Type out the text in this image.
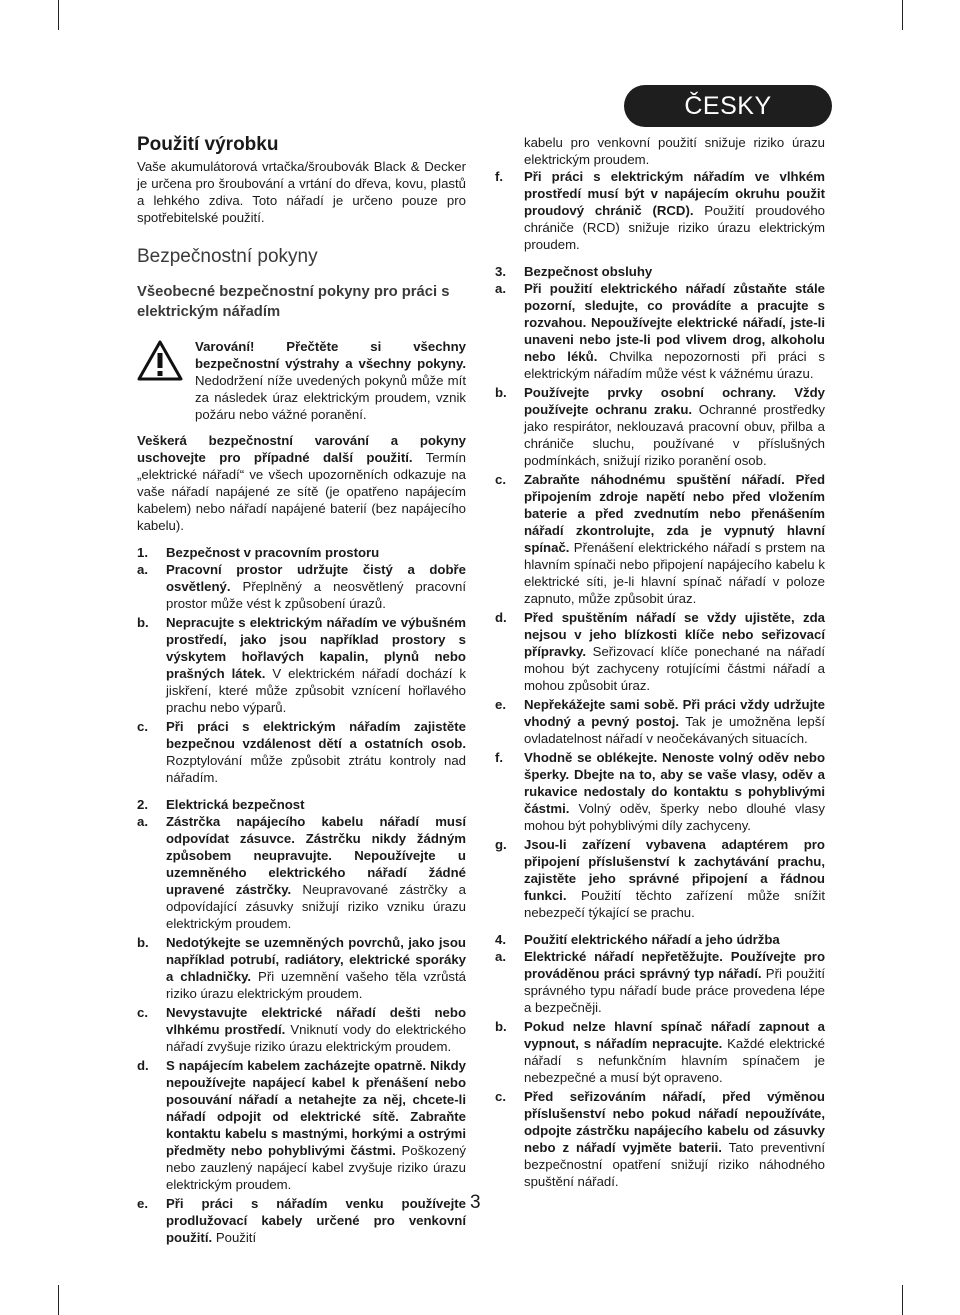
ČESKY
Použití výrobku

Vaše akumulátorová vrtačka/šroubovák Black & Decker je určena pro šroubování a vrtání do dřeva, kovu, plastů a lehkého zdiva. Toto nářadí je určeno pouze pro spotřebitelské použití.

Bezpečnostní pokyny
Všeobecné bezpečnostní pokyny pro práci s elektrickým nářadím

Varování! Přečtěte si všechny bezpečnostní výstrahy a všechny pokyny. Nedodržení níže uvedených pokynů může mít za následek úraz elektrickým proudem, vznik požáru nebo vážné poranění.

Veškerá bezpečnostní varování a pokyny uschovejte pro případné další použití. Termín „elektrické nářadí“ ve všech upozorněních odkazuje na vaše nářadí napájené ze sítě (je opatřeno napájecím kabelem) nebo nářadí napájené baterií (bez napájecího kabelu).

1.	Bezpečnost v pracovním prostoru
a.	Pracovní prostor udržujte čistý a dobře osvětlený. Přeplněný a neosvětlený pracovní prostor může vést k způsobení úrazů.
b.	Nepracujte s elektrickým nářadím ve výbušném prostředí, jako jsou například prostory s výskytem hořlavých kapalin, plynů nebo prašných látek. V elektrickém nářadí dochází k jiskření, které může způsobit vznícení hořlavého prachu nebo výparů.
c.	Při práci s elektrickým nářadím zajistěte bezpečnou vzdálenost dětí a ostatních osob. Rozptylování může způsobit ztrátu kontroly nad nářadím.
2.	Elektrická bezpečnost
a.	Zástrčka napájecího kabelu nářadí musí odpovídat zásuvce. Zástrčku nikdy žádným způsobem neupravujte. Nepoužívejte u uzemněného elektrického nářadí žádné upravené zástrčky. Neupravované zástrčky a odpovídající zásuvky snižují riziko vzniku úrazu elektrickým proudem.
b.	Nedotýkejte se uzemněných povrchů, jako jsou například potrubí, radiátory, elektrické sporáky a chladničky. Při uzemnění vašeho těla vzrůstá riziko úrazu elektrickým proudem.
c.	Nevystavujte elektrické nářadí dešti nebo vlhkému prostředí. Vniknutí vody do elektrického nářadí zvyšuje riziko úrazu elektrickým proudem.
d.	S napájecím kabelem zacházejte opatrně. Nikdy nepoužívejte napájecí kabel k přenášení nebo posouvání nářadí a netahejte za něj, chcete-li nářadí odpojit od elektrické sítě. Zabraňte kontaktu kabelu s mastnými, horkými a ostrými předměty nebo pohyblivými částmi. Poškozený nebo zauzlený napájecí kabel zvyšuje riziko úrazu elektrickým proudem.
e.	Při práci s nářadím venku používejte prodlužovací kabely určené pro venkovní použití. Použití
kabelu pro venkovní použití snižuje riziko úrazu elektrickým proudem.
f.	Při práci s elektrickým nářadím ve vlhkém prostředí musí být v napájecím okruhu použit proudový chránič (RCD). Použití proudového chrániče (RCD) snižuje riziko úrazu elektrickým proudem.
3.	Bezpečnost obsluhy
a.	Při použití elektrického nářadí zůstaňte stále pozorní, sledujte, co provádíte a pracujte s rozvahou. Nepoužívejte elektrické nářadí, jste-li unaveni nebo jste-li pod vlivem drog, alkoholu nebo léků. Chvilka nepozornosti při práci s elektrickým nářadím může vést k vážnému úrazu.
b.	Používejte prvky osobní ochrany. Vždy používejte ochranu zraku. Ochranné prostředky jako respirátor, neklouzavá pracovní obuv, přilba a chrániče sluchu, používané v příslušných podmínkách, snižují riziko poranění osob.
c.	Zabraňte náhodnému spuštění nářadí. Před připojením zdroje napětí nebo před vložením baterie a před zvednutím nebo přenášením nářadí zkontrolujte, zda je vypnutý hlavní spínač. Přenášení elektrického nářadí s prstem na hlavním spínači nebo připojení napájecího kabelu k elektrické síti, je-li hlavní spínač nářadí v poloze zapnuto, může způsobit úraz.
d.	Před spuštěním nářadí se vždy ujistěte, zda nejsou v jeho blízkosti klíče nebo seřizovací přípravky. Seřizovací klíče ponechané na nářadí mohou být zachyceny rotujícími částmi nářadí a mohou způsobit úraz.
e.	Nepřekážejte sami sobě. Při práci vždy udržujte vhodný a pevný postoj. Tak je umožněna lepší ovladatelnost nářadí v neočekávaných situacích.
f.	Vhodně se oblékejte. Nenoste volný oděv nebo šperky. Dbejte na to, aby se vaše vlasy, oděv a rukavice nedostaly do kontaktu s pohyblivými částmi. Volný oděv, šperky nebo dlouhé vlasy mohou být pohyblivými díly zachyceny.
g.	Jsou-li zařízení vybavena adaptérem pro připojení příslušenství k zachytávání prachu, zajistěte jeho správné připojení a řádnou funkci. Použití těchto zařízení může snížit nebezpečí týkající se prachu.
4.	Použití elektrického nářadí a jeho údržba
a.	Elektrické nářadí nepřetěžujte. Používejte pro prováděnou práci správný typ nářadí. Při použití správného typu nářadí bude práce provedena lépe a bezpečněji.
b.	Pokud nelze hlavní spínač nářadí zapnout a vypnout, s nářadím nepracujte. Každé elektrické nářadí s nefunkčním hlavním spínačem je nebezpečné a musí být opraveno.
c.	Před seřizováním nářadí, před výměnou příslušenství nebo pokud nářadí nepoužíváte, odpojte zástrčku napájecího kabelu od zásuvky nebo z nářadí vyjměte baterii. Tato preventivní bezpečnostní opatření snižují riziko náhodného spuštění nářadí.
3
